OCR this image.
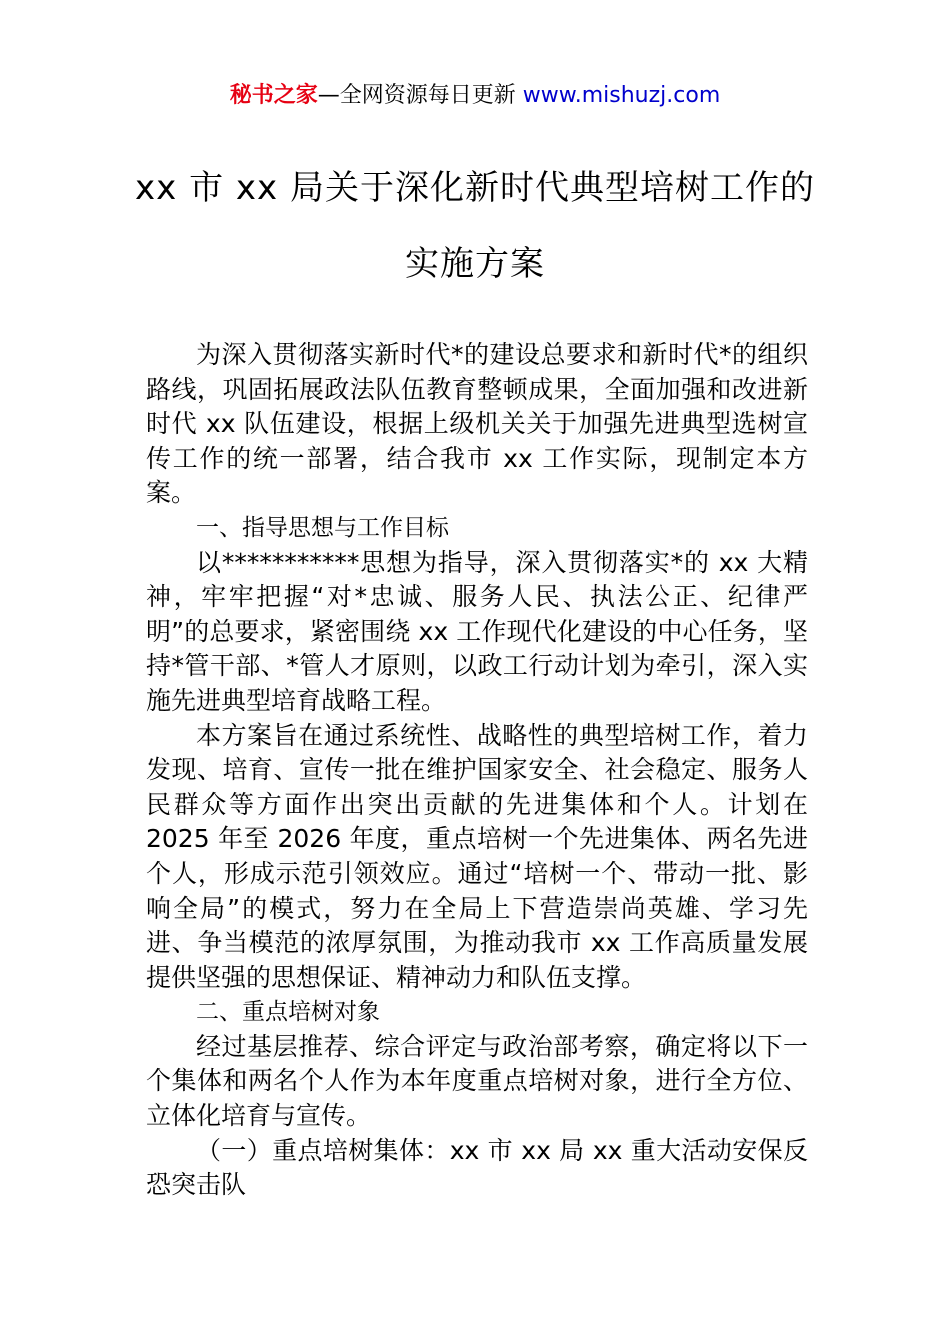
秘书之家—全网资源每日更新 www.mishuzj.com
xx 市 xx 局关于深化新时代典型培树工作的
实施方案

为深入贯彻落实新时代*的建设总要求和新时代*的组织路线，巩固拓展政法队伍教育整顿成果，全面加强和改进新时代 xx 队伍建设，根据上级机关关于加强先进典型选树宣传工作的统一部署，结合我市 xx 工作实际，现制定本方案。

一、指导思想与工作目标

以***********思想为指导，深入贯彻落实*的 xx 大精神，牢牢把握“对*忠诚、服务人民、执法公正、纪律严明”的总要求，紧密围绕 xx 工作现代化建设的中心任务，坚持*管干部、*管人才原则，以政工行动计划为牵引，深入实施先进典型培育战略工程。

本方案旨在通过系统性、战略性的典型培树工作，着力发现、培育、宣传一批在维护国家安全、社会稳定、服务人民群众等方面作出突出贡献的先进集体和个人。计划在 2025 年至 2026 年度，重点培树一个先进集体、两名先进个人，形成示范引领效应。通过“培树一个、带动一批、影响全局”的模式，努力在全局上下营造崇尚英雄、学习先进、争当模范的浓厚氛围，为推动我市 xx 工作高质量发展提供坚强的思想保证、精神动力和队伍支撑。

二、重点培树对象

经过基层推荐、综合评定与政治部考察，确定将以下一个集体和两名个人作为本年度重点培树对象，进行全方位、立体化培育与宣传。

（一）重点培树集体：xx 市 xx 局 xx 重大活动安保反恐突击队
